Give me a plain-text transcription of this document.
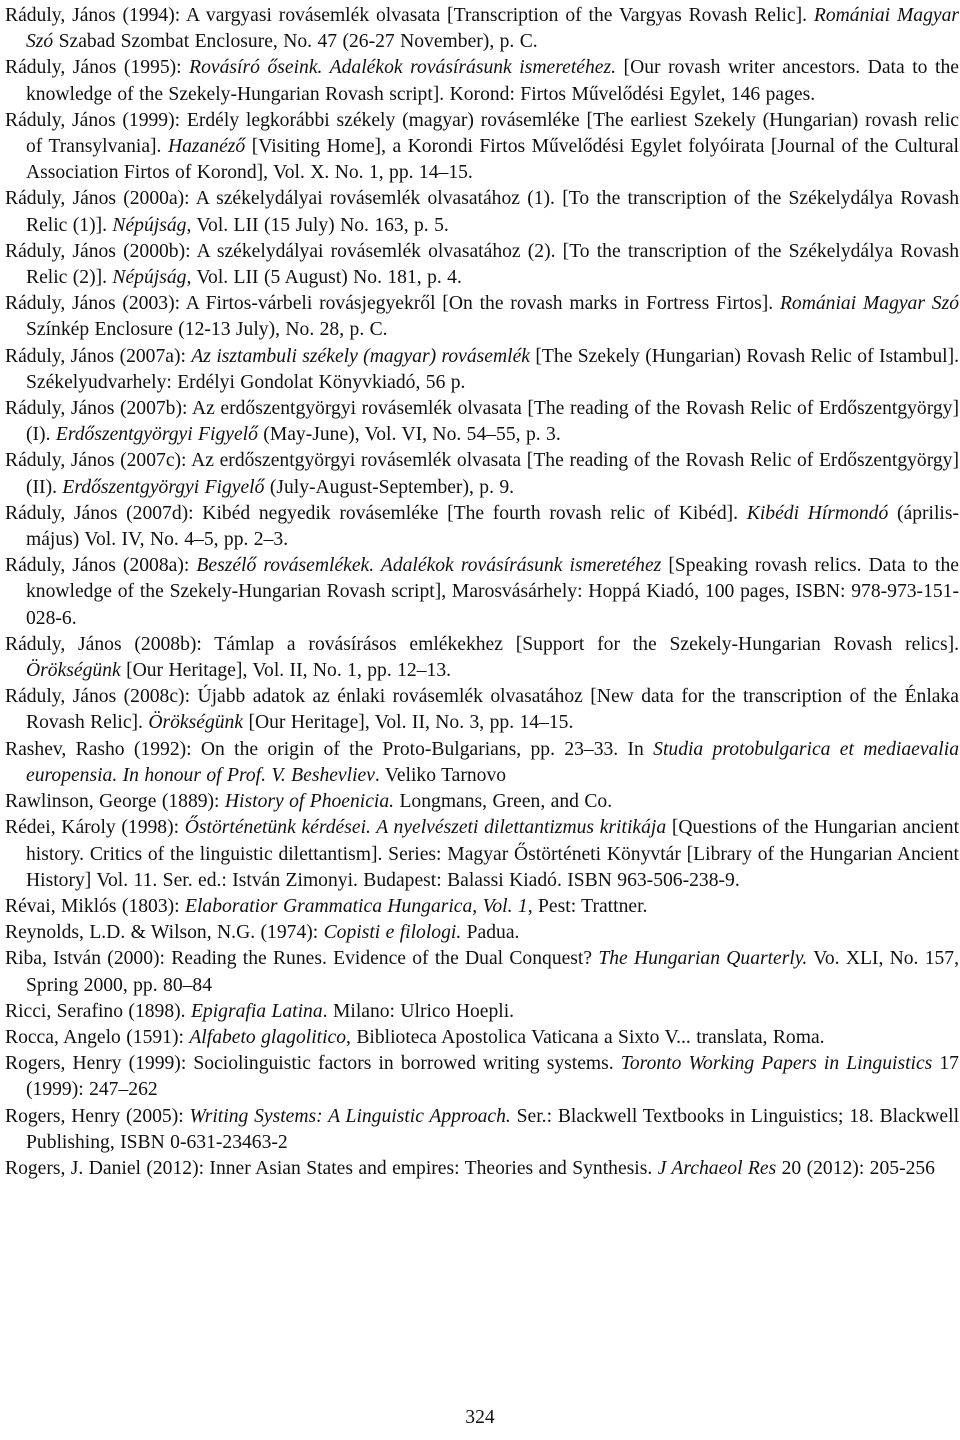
Ráduly, János (1994): A vargyasi rovásemlék olvasata [Transcription of the Vargyas Rovash Relic]. Romániai Magyar Szó Szabad Szombat Enclosure, No. 47 (26-27 November), p. C.

Ráduly, János (1995): Rovásíró őseink. Adalékok rovásírásunk ismeretéhez. [Our rovash writer ancestors. Data to the knowledge of the Szekely-Hungarian Rovash script]. Korond: Firtos Művelődési Egylet, 146 pages.

Ráduly, János (1999): Erdély legkorábbi székely (magyar) rovásemléke [The earliest Szekely (Hungarian) rovash relic of Transylvania]. Hazanéző [Visiting Home], a Korondi Firtos Művelődési Egylet folyóirata [Journal of the Cultural Association Firtos of Korond], Vol. X. No. 1, pp. 14–15.

Ráduly, János (2000a): A székelydályai rovásemlék olvasatához (1). [To the transcription of the Székelydálya Rovash Relic (1)]. Népújság, Vol. LII (15 July) No. 163, p. 5.

Ráduly, János (2000b): A székelydályai rovásemlék olvasatához (2). [To the transcription of the Székelydálya Rovash Relic (2)]. Népújság, Vol. LII (5 August) No. 181, p. 4.

Ráduly, János (2003): A Firtos-várbeli rovásjegyekről [On the rovash marks in Fortress Firtos]. Romániai Magyar Szó Színkép Enclosure (12-13 July), No. 28, p. C.

Ráduly, János (2007a): Az isztambuli székely (magyar) rovásemlék [The Szekely (Hungarian) Rovash Relic of Istambul]. Székelyudvarhely: Erdélyi Gondolat Könyvkiadó, 56 p.

Ráduly, János (2007b): Az erdőszentgyörgyi rovásemlék olvasata [The reading of the Rovash Relic of Erdőszentgyörgy] (I). Erdőszentgyörgyi Figyelő (May-June), Vol. VI, No. 54–55, p. 3.

Ráduly, János (2007c): Az erdőszentgyörgyi rovásemlék olvasata [The reading of the Rovash Relic of Erdőszentgyörgy] (II). Erdőszentgyörgyi Figyelő (July-August-September), p. 9.

Ráduly, János (2007d): Kibéd negyedik rovásemléke [The fourth rovash relic of Kibéd]. Kibédi Hírmondó (április-május) Vol. IV, No. 4–5, pp. 2–3.

Ráduly, János (2008a): Beszélő rovásemlékek. Adalékok rovásírásunk ismeretéhez [Speaking rovash relics. Data to the knowledge of the Szekely-Hungarian Rovash script], Marosvásárhely: Hoppá Kiadó, 100 pages, ISBN: 978-973-151-028-6.

Ráduly, János (2008b): Támlap a rovásírásos emlékekhez [Support for the Szekely-Hungarian Rovash relics]. Örökségünk [Our Heritage], Vol. II, No. 1, pp. 12–13.

Ráduly, János (2008c): Újabb adatok az énlaki rovásemlék olvasatához [New data for the transcription of the Énlaka Rovash Relic]. Örökségünk [Our Heritage], Vol. II, No. 3, pp. 14–15.

Rashev, Rasho (1992): On the origin of the Proto-Bulgarians, pp. 23–33. In Studia protobulgarica et mediaevalia europensia. In honour of Prof. V. Beshevliev. Veliko Tarnovo

Rawlinson, George (1889): History of Phoenicia. Longmans, Green, and Co.

Rédei, Károly (1998): Őstörténetünk kérdései. A nyelvészeti dilettantizmus kritikája [Questions of the Hungarian ancient history. Critics of the linguistic dilettantism]. Series: Magyar Őstörténeti Könyvtár [Library of the Hungarian Ancient History] Vol. 11. Ser. ed.: István Zimonyi. Budapest: Balassi Kiadó. ISBN 963-506-238-9.

Révai, Miklós (1803): Elaboratior Grammatica Hungarica, Vol. 1, Pest: Trattner.

Reynolds, L.D. & Wilson, N.G. (1974): Copisti e filologi. Padua.

Riba, István (2000): Reading the Runes. Evidence of the Dual Conquest? The Hungarian Quarterly. Vo. XLI, No. 157, Spring 2000, pp. 80–84

Ricci, Serafino (1898). Epigrafia Latina. Milano: Ulrico Hoepli.

Rocca, Angelo (1591): Alfabeto glagolitico, Biblioteca Apostolica Vaticana a Sixto V... translata, Roma.

Rogers, Henry (1999): Sociolinguistic factors in borrowed writing systems. Toronto Working Papers in Linguistics 17 (1999): 247–262

Rogers, Henry (2005): Writing Systems: A Linguistic Approach. Ser.: Blackwell Textbooks in Linguistics; 18. Blackwell Publishing, ISBN 0-631-23463-2

Rogers, J. Daniel (2012): Inner Asian States and empires: Theories and Synthesis. J Archaeol Res 20 (2012): 205-256

324
